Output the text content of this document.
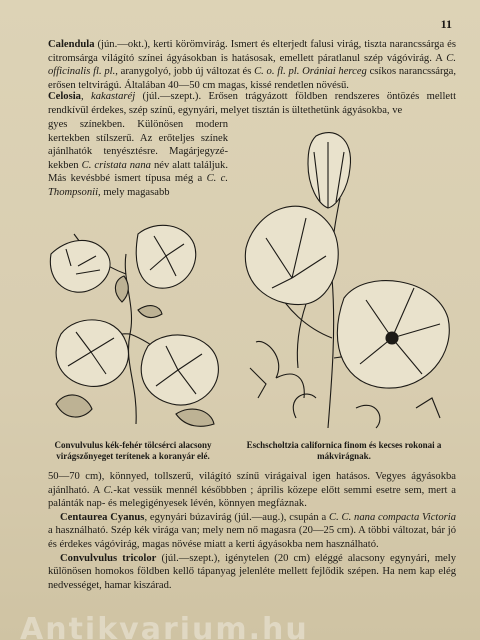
11

Calendula (jún.—okt.), kerti körömvirág. Ismert és elterjedt falusi virág, tiszta narancssárga és citromsárga világító színei ágyásokban is hatásosak, emellett páratlanul szép vágóvirág. A C. officinalis fl. pl., aranygolyó, jobb új változat és C. o. fl. pl. Orániai herceg csíkos narancssárga, erősen teltvirágú. Általában 40—50 cm magas, kissé rendetlen növésű.

Celosia, kakastaréj (júl.—szept.). Erősen trágyázott földben rendszeres öntözés mellett rendkívül érdekes, szép színű, egynyári, melyet tisztán is ültethetünk ágyásokba, ve

gyes színekben. Különösen modern kertekben stílszerű. Az erőteljes színek ajánlhatók tenyésztésre. Magárjegyzékekben C. cristata nana név alatt találjuk. Más kevésbbé ismert típusa még a C. c. Thompsonii, mely magasabb

Convulvulus kék-fehér tölcsérci alacsony virágszőnyeget terítenek a koranyár elé.
Eschscholtzia californica finom és kecses rokonai a mákvirágnak.

50—70 cm), könnyed, tollszerű, világító színű virágaival igen hatásos. Vegyes ágyásokba ajánlható. A C.-kat vessük mennél későbbben ; április közepe előtt semmi esetre sem, mert a palánták nap- és melegigényesek lévén, könnyen megfáznak.

Centaurea Cyanus, egynyári búzavirág (júl.—aug.), csupán a C. C. nana compacta Victoria a használható. Szép kék virága van; mely nem nő magasra (20—25 cm). A többi változat, bár jó és érdekes vágóvirág, magas növése miatt a kerti ágyásokba nem használható.

Convulvulus tricolor (júl.—szept.), igénytelen (20 cm) eléggé alacsony egynyári, mely különösen homokos földben kellő tápanyag jelenléte mellett fejlődik szépen. Ha nem kap elég nedvességet, hamar kiszárad.

Antikvarium.hu
